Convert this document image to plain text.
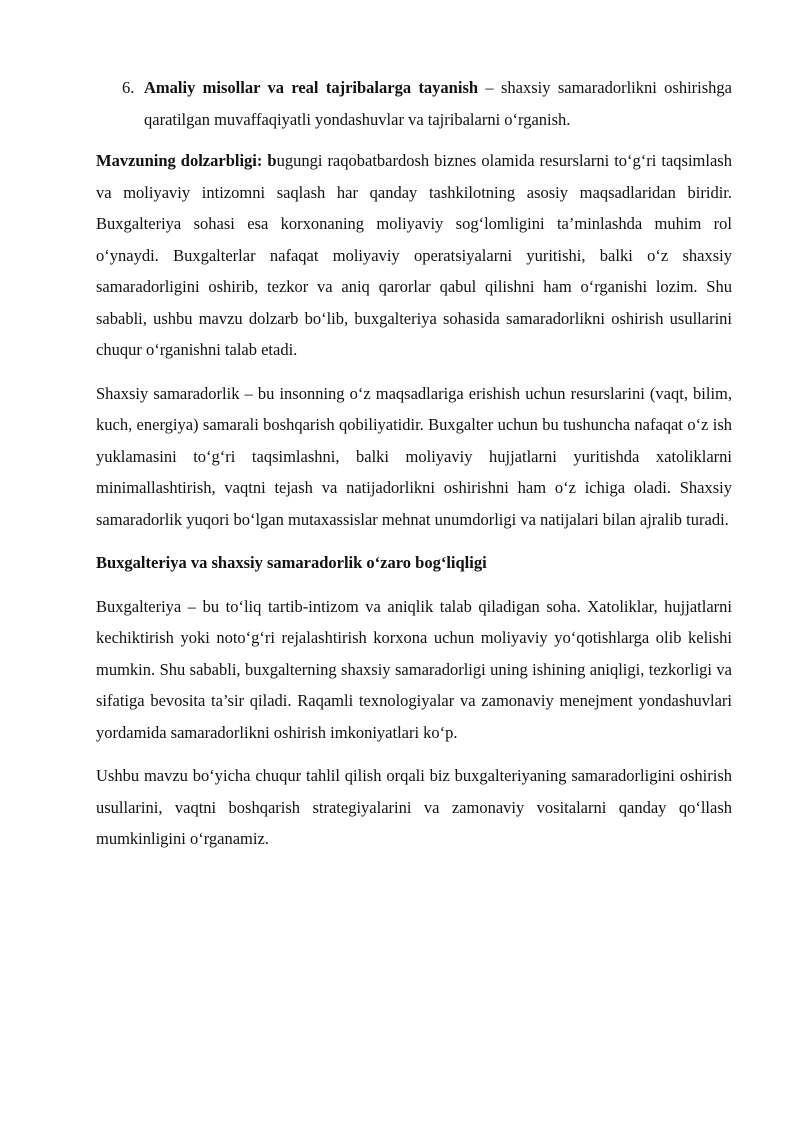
6. Amaliy misollar va real tajribalarga tayanish – shaxsiy samaradorlikni oshirishga qaratilgan muvaffaqiyatli yondashuvlar va tajribalarni o‘rganish.

Mavzuning dolzarbligi: bugungi raqobatbardosh biznes olamida resurslarni to‘g‘ri taqsimlash va moliyaviy intizomni saqlash har qanday tashkilotning asosiy maqsadlaridan biridir. Buxgalteriya sohasi esa korxonaning moliyaviy sog‘lomligini ta’minlashda muhim rol o‘ynaydi. Buxgalterlar nafaqat moliyaviy operatsiyalarni yuritishi, balki o‘z shaxsiy samaradorligini oshirib, tezkor va aniq qarorlar qabul qilishni ham o‘rganishi lozim. Shu sababli, ushbu mavzu dolzarb bo‘lib, buxgalteriya sohasida samaradorlikni oshirish usullarini chuqur o‘rganishni talab etadi.

Shaxsiy samaradorlik – bu insonning o‘z maqsadlariga erishish uchun resurslarini (vaqt, bilim, kuch, energiya) samarali boshqarish qobiliyatidir. Buxgalter uchun bu tushuncha nafaqat o‘z ish yuklamasini to‘g‘ri taqsimlashni, balki moliyaviy hujjatlarni yuritishda xatoliklarni minimallashtirish, vaqtni tejash va natijadorlikni oshirishni ham o‘z ichiga oladi. Shaxsiy samaradorlik yuqori bo‘lgan mutaxassislar mehnat unumdorligi va natijalari bilan ajralib turadi.

Buxgalteriya va shaxsiy samaradorlik o‘zaro bog‘liqligi

Buxgalteriya – bu to‘liq tartib-intizom va aniqlik talab qiladigan soha. Xatoliklar, hujjatlarni kechiktirish yoki noto‘g‘ri rejalashtirish korxona uchun moliyaviy yo‘qotishlarga olib kelishi mumkin. Shu sababli, buxgalterning shaxsiy samaradorligi uning ishining aniqligi, tezkorligi va sifatiga bevosita ta’sir qiladi. Raqamli texnologiyalar va zamonaviy menejment yondashuvlari yordamida samaradorlikni oshirish imkoniyatlari ko‘p.

Ushbu mavzu bo‘yicha chuqur tahlil qilish orqali biz buxgalteriyaning samaradorligini oshirish usullarini, vaqtni boshqarish strategiyalarini va zamonaviy vositalarni qanday qo‘llash mumkinligini o‘rganamiz.
